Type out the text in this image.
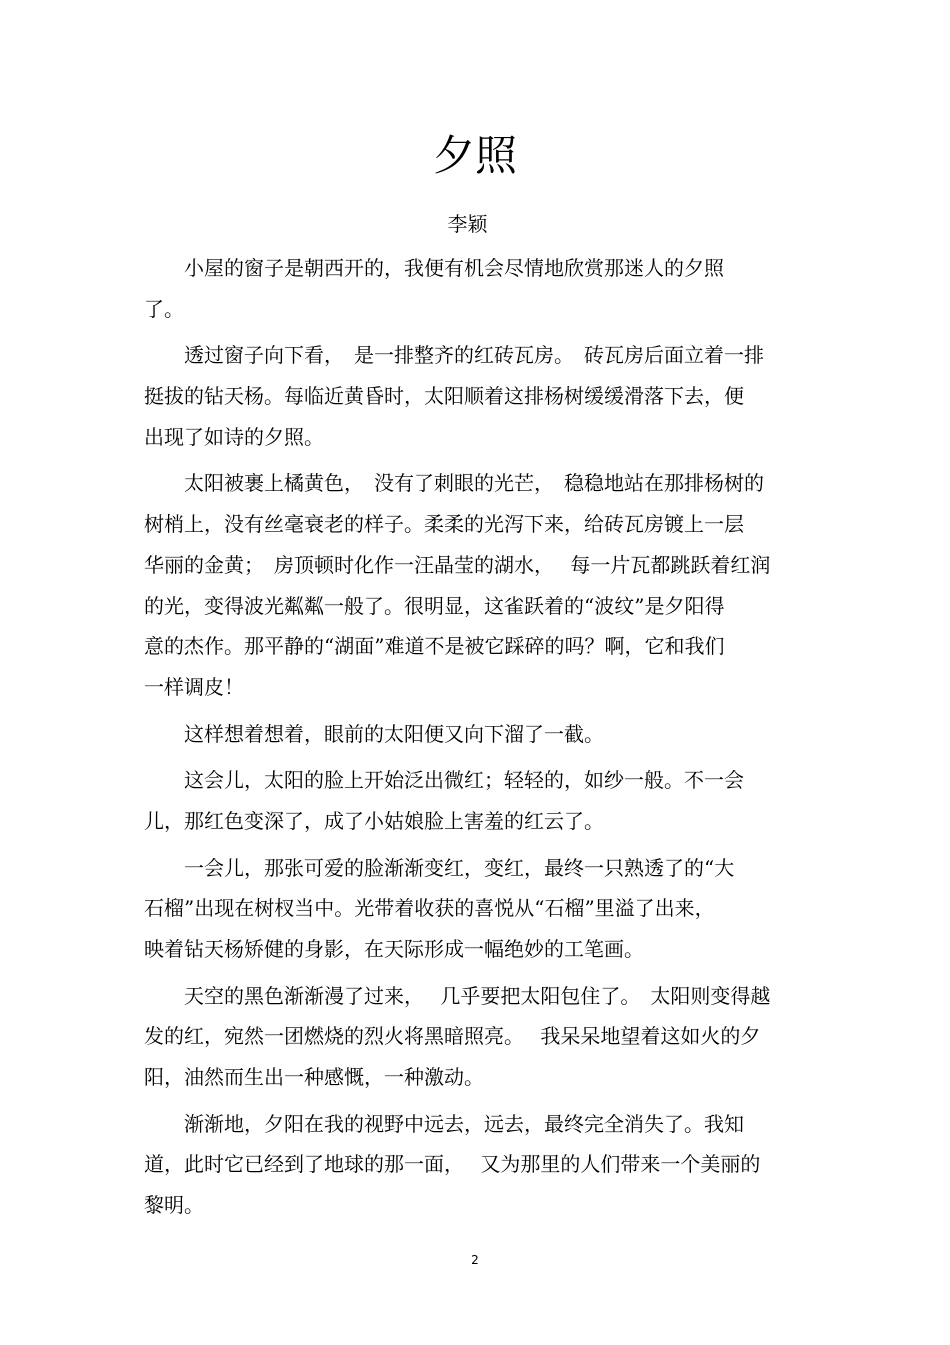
夕照
李颖
　　小屋的窗子是朝西开的，我便有机会尽情地欣赏那迷人的夕照
了。
　　透过窗子向下看，　是一排整齐的红砖瓦房。　砖瓦房后面立着一排
挺拔的钻天杨。每临近黄昏时，太阳顺着这排杨树缓缓滑落下去，便
出现了如诗的夕照。
　　太阳被裹上橘黄色，　没有了刺眼的光芒，　稳稳地站在那排杨树的
树梢上，没有丝毫衰老的样子。柔柔的光泻下来，给砖瓦房镀上一层
华丽的金黄；　房顶顿时化作一汪晶莹的湖水，　 每一片瓦都跳跃着红润
的光，变得波光粼粼一般了。很明显，这雀跃着的“波纹”是夕阳得
意的杰作。那平静的“湖面”难道不是被它踩碎的吗？啊，它和我们
一样调皮！
　　这样想着想着，眼前的太阳便又向下溜了一截。
　　这会儿，太阳的脸上开始泛出微红；轻轻的，如纱一般。不一会
儿，那红色变深了，成了小姑娘脸上害羞的红云了。
　　一会儿，那张可爱的脸渐渐变红，变红，最终一只熟透了的“大
石榴”出现在树杈当中。光带着收获的喜悦从“石榴”里溢了出来，
映着钻天杨矫健的身影，在天际形成一幅绝妙的工笔画。
　　天空的黑色渐渐漫了过来，　 几乎要把太阳包住了。　太阳则变得越
发的红，宛然一团燃烧的烈火将黑暗照亮。　 我呆呆地望着这如火的夕
阳，油然而生出一种感慨，一种激动。
　　渐渐地，夕阳在我的视野中远去，远去，最终完全消失了。我知
道，此时它已经到了地球的那一面，　 又为那里的人们带来一个美丽的
黎明。
2
